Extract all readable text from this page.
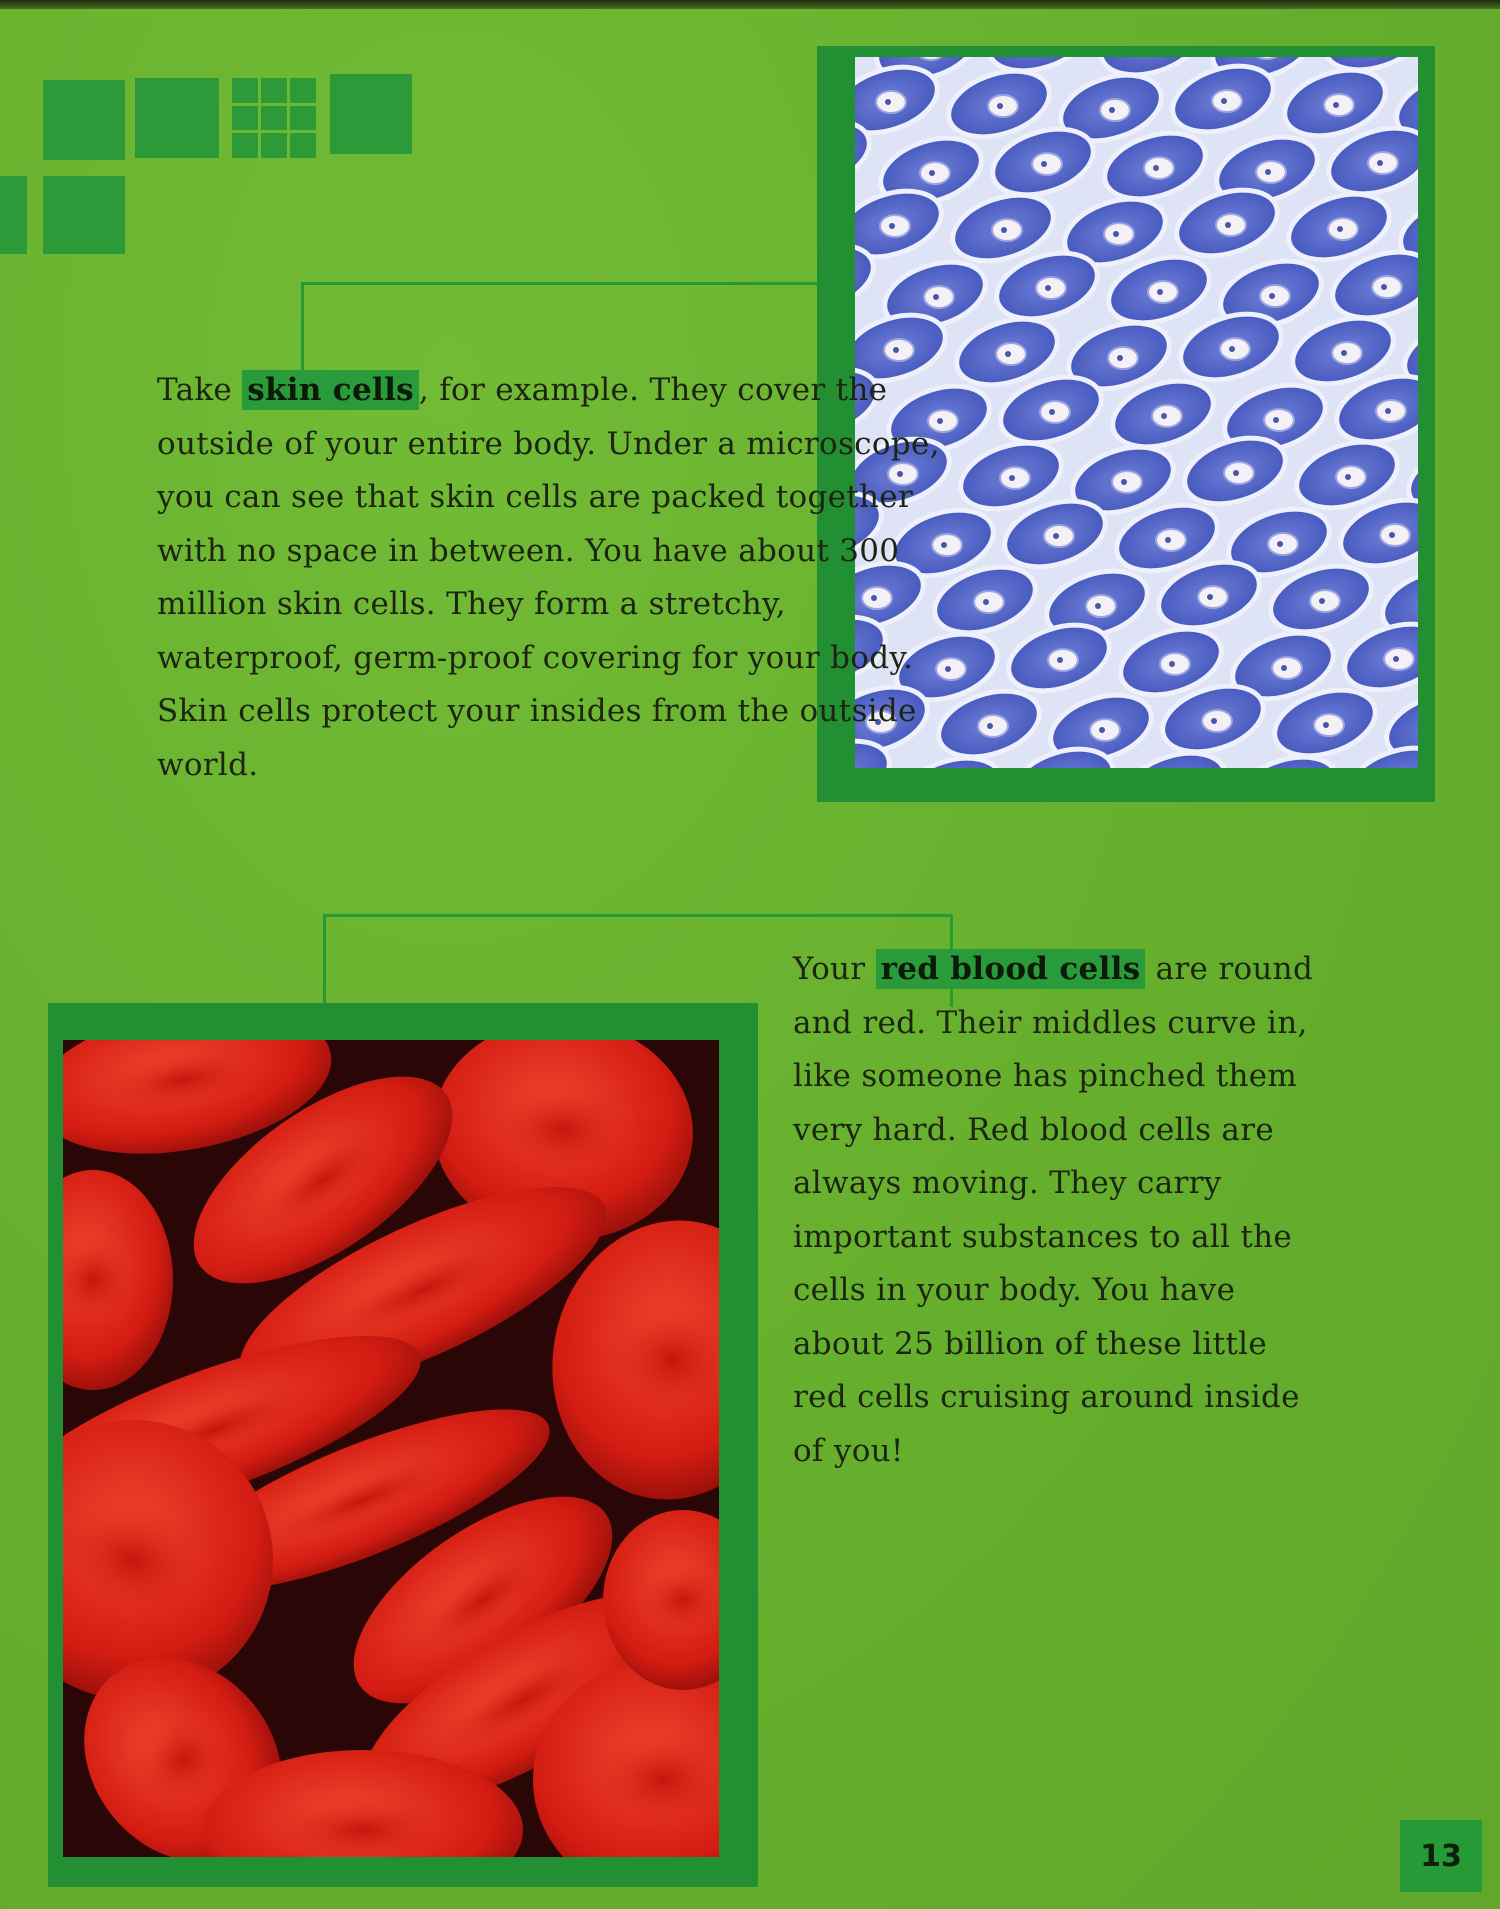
Take skin cells , for example. They cover the outside of your entire body. Under a microscope, you can see that skin cells are packed together with no space in between. You have about 300 million skin cells. They form a stretchy, waterproof, germ-proof covering for your body. Skin cells protect your insides from the outside world.

Your red blood cells are round and red. Their middles curve in, like someone has pinched them very hard. Red blood cells are always moving. They carry important substances to all the cells in your body. You have about 25 billion of these little red cells cruising around inside of you!

13
